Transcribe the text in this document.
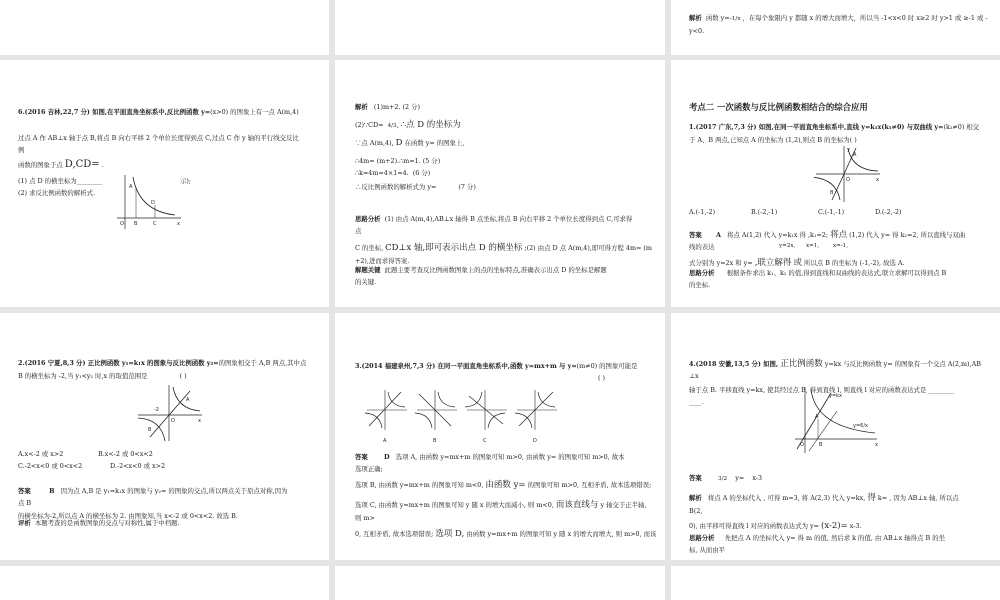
解析 函数 y=-1/x ，在每个象限内 y 都随 x 的增大而增大，所以当 -1<x<0 时 x≥2 时 y>1 或 ≥-1 或 -
y<0.
6.(2016 吉林,22,7 分) 如图,在平面直角坐标系中,反比例函数 y=(x>0) 的图象上有一点 A(m,4)
过点 A 作 AB⊥x 轴于点 B,将点 B 向右平移 2 个单位长度得到点 C,过点 C 作 y 轴的平行线交反比
例
函数的图象于点 D,CD= .
(1) 点 D 的横坐标为________	示);
(2) 求反比例函数的解析式.
A
D
O B	C	x
解析 (1)m+2. (2 分)
(2)∵CD= 4/3, ∴点 D 的坐标为
∵点 A(m,4), D 在函数 y= 的图象上,
∴4m= (m+2).∴m=1. (5 分)
∴k=4m=4×1=4. (6 分)
∴反比例函数的解析式为 y=	(7 分)
思路分析 (1) 由点 A(m,4),AB⊥x 轴得 B 点坐标,将点 B 向右平移 2 个单位长度得到点 C,可求得
点
C 的坐标, CD⊥x 轴,即可表示出点 D 的横坐标 ;(2) 由点 D 点 A(m,4),即可得方程 4m= (m
+2),进而求得答案.
解题关键 此题主要考查反比例函数图象上的点的坐标特点,准确表示出点 D 的坐标是解题
的关键.
考点二 一次函数与反比例函数相结合的综合应用
1.(2017 广东,7,3 分) 如图,在同一平面直角坐标系中,直线 y=k₁x(k₁≠0) 与双曲线 y=(k₂≠0) 相交
于 A、B 两点,已知点 A 的坐标为 (1,2),则点 B 的坐标为( )
A
B
O	x
y
A.(-1,-2)	B.(-2,-1)	C.(-1,-1)	D.(-2,-2)
答案 A 将点 A(1,2) 代入 y=k₁x 得 ,k₁=2; 将点 (1,2) 代入 y= 得 k₂=2, 所以直线与双曲
线的表达	y=2x, x=1, x=-1,
式分别为 y=2x 和 y= ,联立解得 或 所以点 B 的坐标为 (-1,-2), 故选 A.
思路分析 根据条件求出 k₁、k₂ 的值,得到直线和双曲线的表达式,联立求解可以得到点 B
的坐标.
2.(2016 宁夏,8,3 分) 正比例函数 y₁=k₁x 的图象与反比例函数 y₂=的图象相交于 A,B 两点,其中点
B 的横坐标为 -2,当 y₁<y₂ 时,x 的取值范围是	( )
-2
A
B
O	x
A.x<-2 或 x>2	B.x<-2 或 0<x<2
C.-2<x<0 或 0<x<2	D.-2<x<0 或 x>2
答案	B 因为点 A,B 是 y₁=k₁x 的图象与 y₂= 的图象的交点,所以两点关于原点对称,因为
点 B
的横坐标为-2,所以点 A 的横坐标为 2. 由图象知,当 x<-2 或 0<x<2. 故选 B.
评析 本题考查的是函数图象的交点与对称性,属于中档题.
3.(2014 福建泉州,7,3 分) 在同一平面直角坐标系中,函数 y=mx+m 与 y=(m≠0) 的图象可能是
( )
A	B	C	D
答案	D 选项 A, 由函数 y=mx+m 的图象可知 m>0, 由函数 y= 的图象可知 m>0, 故本
选项正确;
选项 B, 由函数 y=mx+m 的图象可知 m<0, 由函数 y= 的图象可知 m>0, 互相矛盾, 故本选项错误;
选项 C, 由函数 y=mx+m 的图象可知 y 随 x 的增大而减小, 则 m<0, 而该直线与 y 轴交于正半轴,
则 m>
0, 互相矛盾, 故本选项错误; 选项 D, 由函数 y=mx+m 的图象可知 y 随 x 的增大而增大, 则 m>0, 而该
4.(2018 安徽,13,5 分) 如图, 正比例函数 y=kx 与反比例函数 y= 的图象有一个交点 A(2,m),AB
⊥x
轴于点 B. 平移直线 y=kx, 使其经过点 B, 得到直线 l, 则直线 l 对应的函数表达式是 ________
____.
y=kx
y=6/x
A
O	B	x
答案	3/2 y= x-3
解析 将点 A 的坐标代入 , 可得 m=3, 将 A(2,3) 代入 y=kx, 得 k= , 因为 AB⊥x 轴, 所以点
B(2,
0), 由平移可得直线 l 对应的函数表达式为 y= (x-2)= x-3.
思路分析 先把点 A 的坐标代入 y= 得 m 的值, 然后求 k 的值, 由 AB⊥x 轴得点 B 的坐
标, 从而由平
